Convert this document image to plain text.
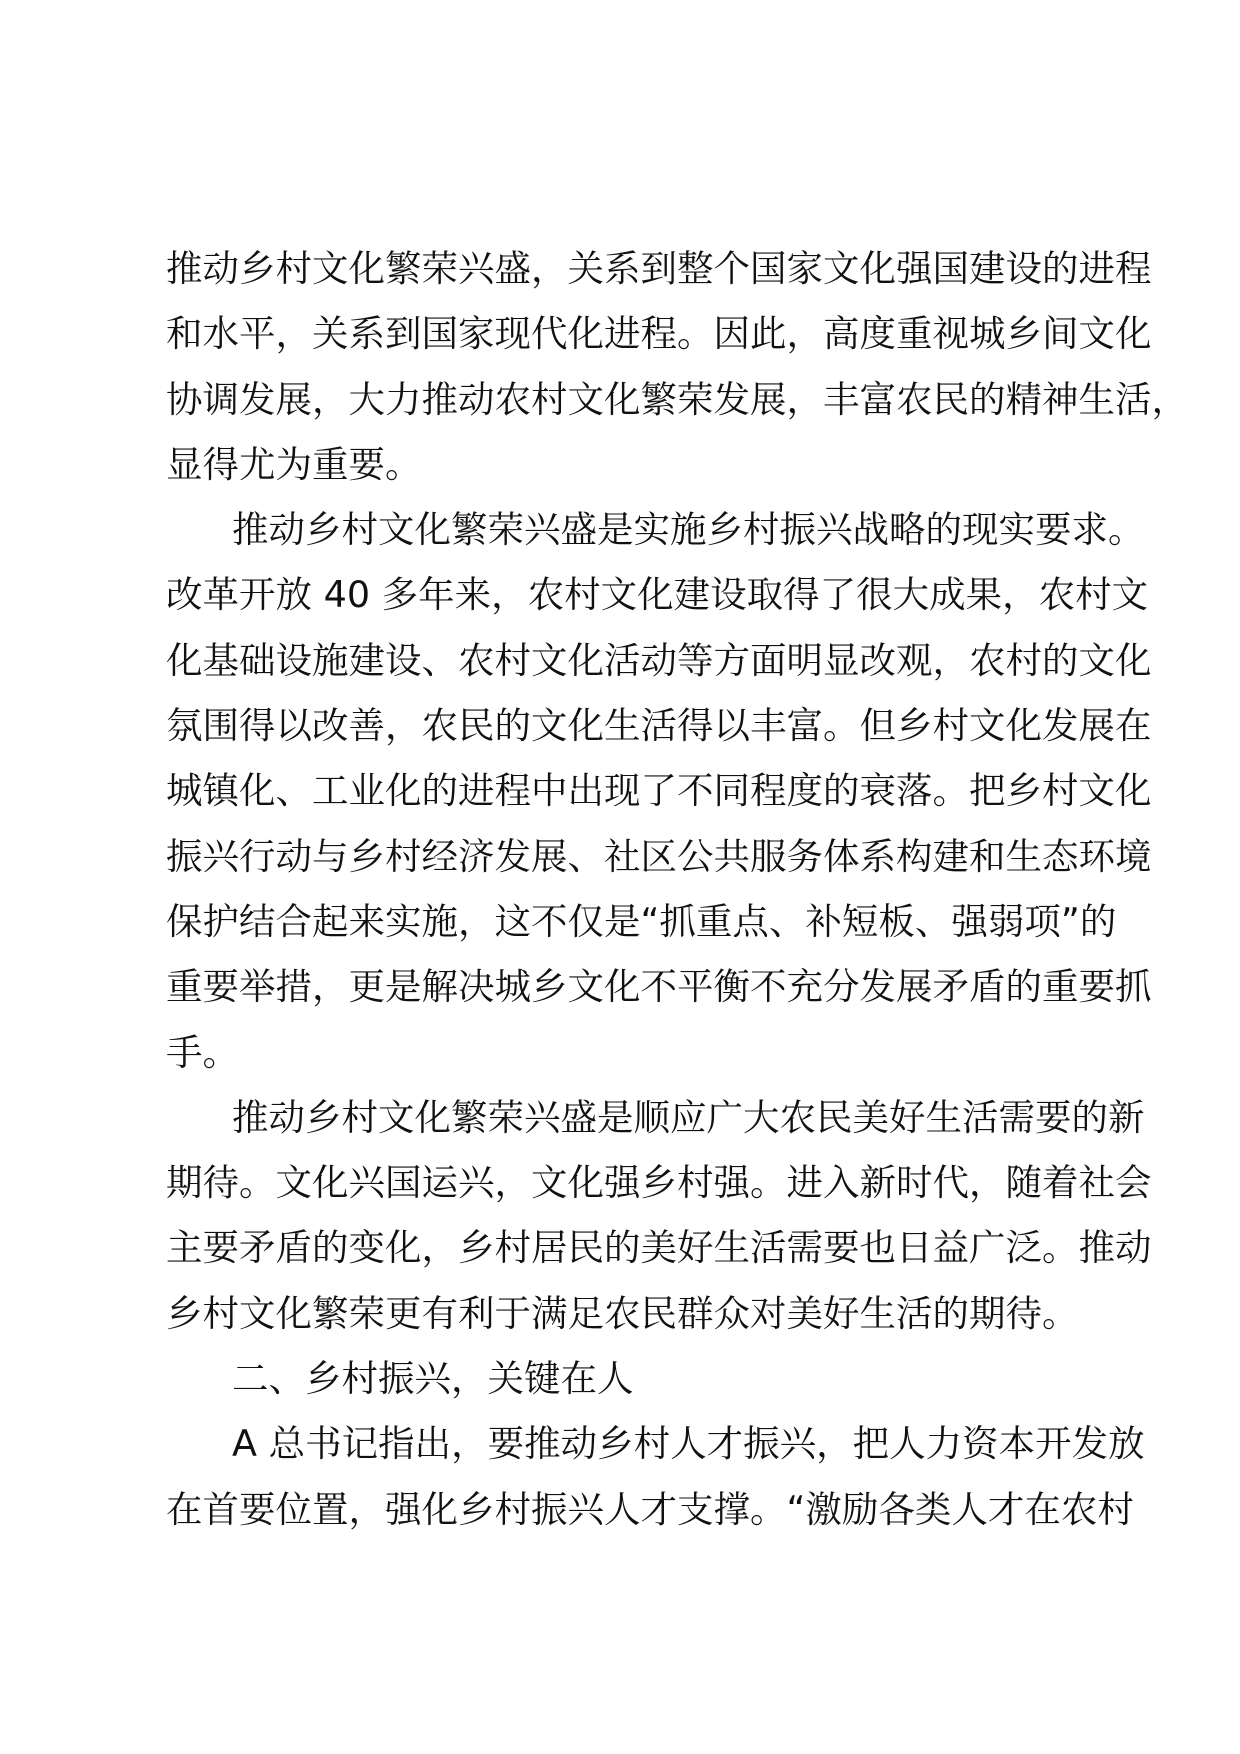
推动乡村文化繁荣兴盛，关系到整个国家文化强国建设的进程
和水平，关系到国家现代化进程。因此，高度重视城乡间文化
协调发展，大力推动农村文化繁荣发展，丰富农民的精神生活，
显得尤为重要。
推动乡村文化繁荣兴盛是实施乡村振兴战略的现实要求。
改革开放 40 多年来，农村文化建设取得了很大成果，农村文
化基础设施建设、农村文化活动等方面明显改观，农村的文化
氛围得以改善，农民的文化生活得以丰富。但乡村文化发展在
城镇化、工业化的进程中出现了不同程度的衰落。把乡村文化
振兴行动与乡村经济发展、社区公共服务体系构建和生态环境
保护结合起来实施，这不仅是“抓重点、补短板、强弱项”的
重要举措，更是解决城乡文化不平衡不充分发展矛盾的重要抓
手。
推动乡村文化繁荣兴盛是顺应广大农民美好生活需要的新
期待。文化兴国运兴，文化强乡村强。进入新时代，随着社会
主要矛盾的变化，乡村居民的美好生活需要也日益广泛。推动
乡村文化繁荣更有利于满足农民群众对美好生活的期待。
二、乡村振兴，关键在人
A 总书记指出，要推动乡村人才振兴，把人力资本开发放
在首要位置，强化乡村振兴人才支撑。“激励各类人才在农村
